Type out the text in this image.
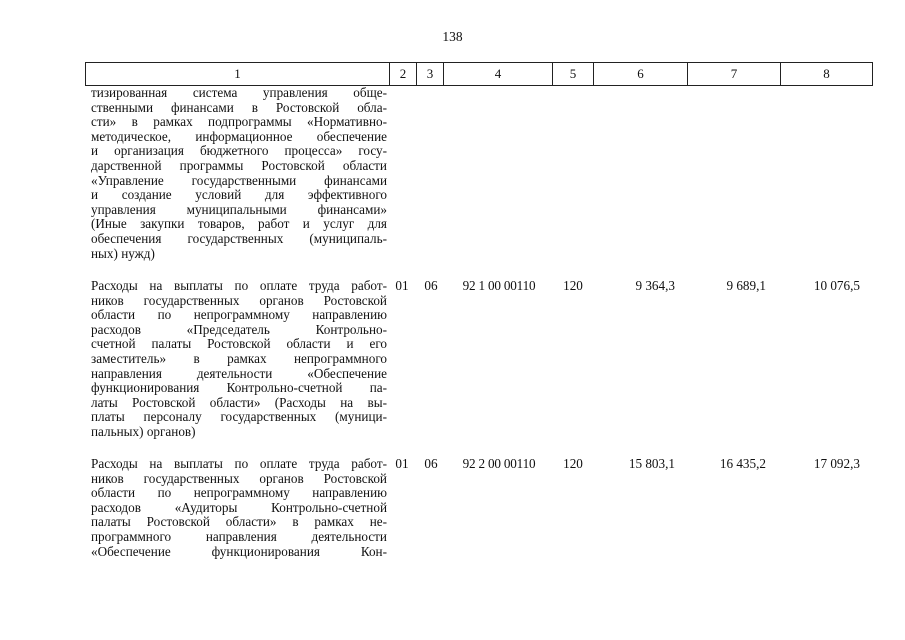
138
1	2	3	4	5	6	7	8
тизированная система управления обще-
ственными финансами в Ростовской обла-
сти» в рамках подпрограммы «Нормативно-
методическое, информационное обеспечение
и организация бюджетного процесса» госу-
дарственной программы Ростовской области
«Управление государственными финансами
и создание условий для эффективного
управления муниципальными финансами»
(Иные закупки товаров, работ и услуг для
обеспечения государственных (муниципаль-
ных) нужд)
Расходы на выплаты по оплате труда работ-
ников государственных органов Ростовской
области по непрограммному направлению
расходов «Председатель Контрольно-
счетной палаты Ростовской области и его
заместитель» в рамках непрограммного
направления деятельности «Обеспечение
функционирования Контрольно-счетной па-
латы Ростовской области» (Расходы на вы-
платы персоналу государственных (муници-
пальных) органов)
01	06	92 1 00 00110	120	9 364,3	9 689,1	10 076,5
Расходы на выплаты по оплате труда работ-
ников государственных органов Ростовской
области по непрограммному направлению
расходов «Аудиторы Контрольно-счетной
палаты Ростовской области» в рамках не-
программного направления деятельности
«Обеспечение функционирования Кон-
01	06	92 2 00 00110	120	15 803,1	16 435,2	17 092,3
